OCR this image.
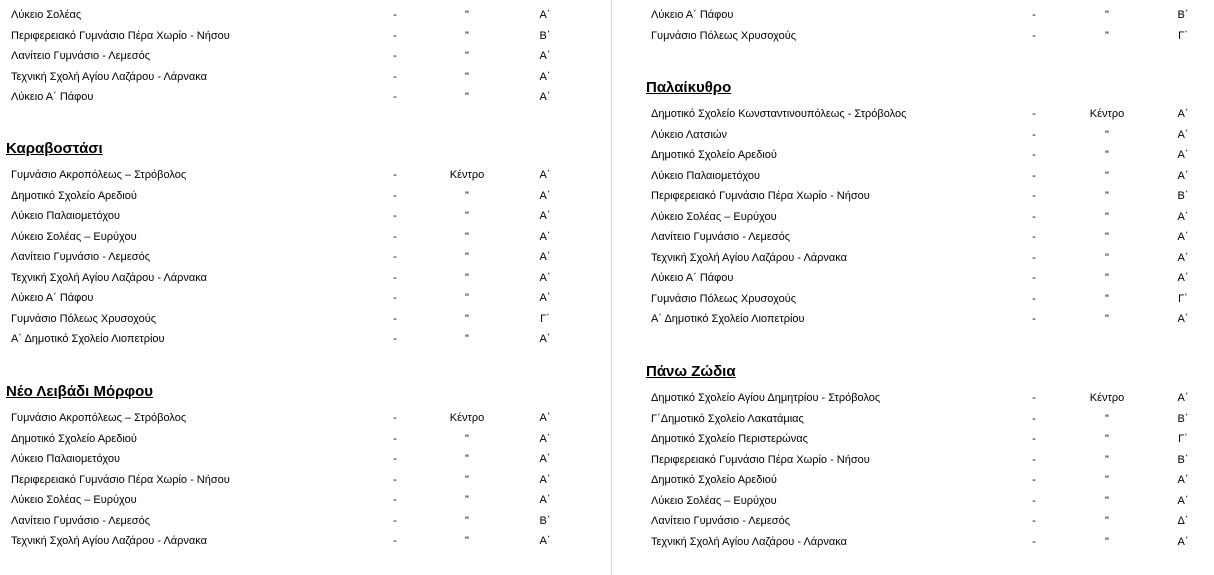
Λύκειο Σολέας	-	"	Α΄
Περιφερειακό Γυμνάσιο Πέρα Χωρίο - Νήσου	-	"	Β΄
Λανίτειο Γυμνάσιο - Λεμεσός	-	"	Α΄
Τεχνική Σχολή Αγίου Λαζάρου - Λάρνακα	-	"	Α΄
Λύκειο Α΄ Πάφου	-	"	Α΄
Καραβοστάσι
Γυμνάσιο Ακροπόλεως – Στρόβολος	-	Κέντρο	Α΄
Δημοτικό Σχολείο Αρεδιού	-	"	Α΄
Λύκειο Παλαιομετόχου	-	"	Α΄
Λύκειο Σολέας – Ευρύχου	-	"	Α΄
Λανίτειο Γυμνάσιο - Λεμεσός	-	"	Α΄
Τεχνική Σχολή Αγίου Λαζάρου - Λάρνακα	-	"	Α΄
Λύκειο Α΄ Πάφου	-	"	Α΄
Γυμνάσιο Πόλεως Χρυσοχούς	-	"	Γ΄
Α΄ Δημοτικό Σχολείο Λιοπετρίου	-	"	Α΄
Νέο Λειβάδι Μόρφου
Γυμνάσιο Ακροπόλεως – Στρόβολος	-	Κέντρο	Α΄
Δημοτικό Σχολείο Αρεδιού	-	"	Α΄
Λύκειο Παλαιομετόχου	-	"	Α΄
Περιφερειακό Γυμνάσιο Πέρα Χωρίο - Νήσου	-	"	Α΄
Λύκειο Σολέας – Ευρύχου	-	"	Α΄
Λανίτειο Γυμνάσιο - Λεμεσός	-	"	Β΄
Τεχνική Σχολή Αγίου Λαζάρου - Λάρνακα	-	"	Α΄
Λύκειο Α΄ Πάφου	-	"	Β΄
Γυμνάσιο Πόλεως Χρυσοχούς	-	"	Γ΄
Παλαίκυθρο
Δημοτικό Σχολείο Κωνσταντινουπόλεως - Στρόβολος	-	Κέντρο	Α΄
Λύκειο Λατσιών	-	"	Α΄
Δημοτικό Σχολείο Αρεδιού	-	"	Α΄
Λύκειο Παλαιομετόχου	-	"	Α΄
Περιφερειακό Γυμνάσιο Πέρα Χωρίο - Νήσου	-	"	Β΄
Λύκειο Σολέας – Ευρύχου	-	"	Α΄
Λανίτειο Γυμνάσιο - Λεμεσός	-	"	Α΄
Τεχνική Σχολή Αγίου Λαζάρου - Λάρνακα	-	"	Α΄
Λύκειο Α΄ Πάφου	-	"	Α΄
Γυμνάσιο Πόλεως Χρυσοχούς	-	"	Γ΄
Α΄ Δημοτικό Σχολείο Λιοπετρίου	-	"	Α΄
Πάνω Ζώδια
Δημοτικό Σχολείο Αγίου Δημητρίου - Στρόβολος	-	Κέντρο	Α΄
Γ΄Δημοτικό Σχολείο Λακατάμιας	-	"	Β΄
Δημοτικό Σχολείο Περιστερώνας	-	"	Γ΄
Περιφερειακό Γυμνάσιο Πέρα Χωρίο - Νήσου	-	"	Β΄
Δημοτικό Σχολείο Αρεδιού	-	"	Α΄
Λύκειο Σολέας – Ευρύχου	-	"	Α΄
Λανίτειο Γυμνάσιο - Λεμεσός	-	"	Δ΄
Τεχνική Σχολή Αγίου Λαζάρου - Λάρνακα	-	"	Α΄
